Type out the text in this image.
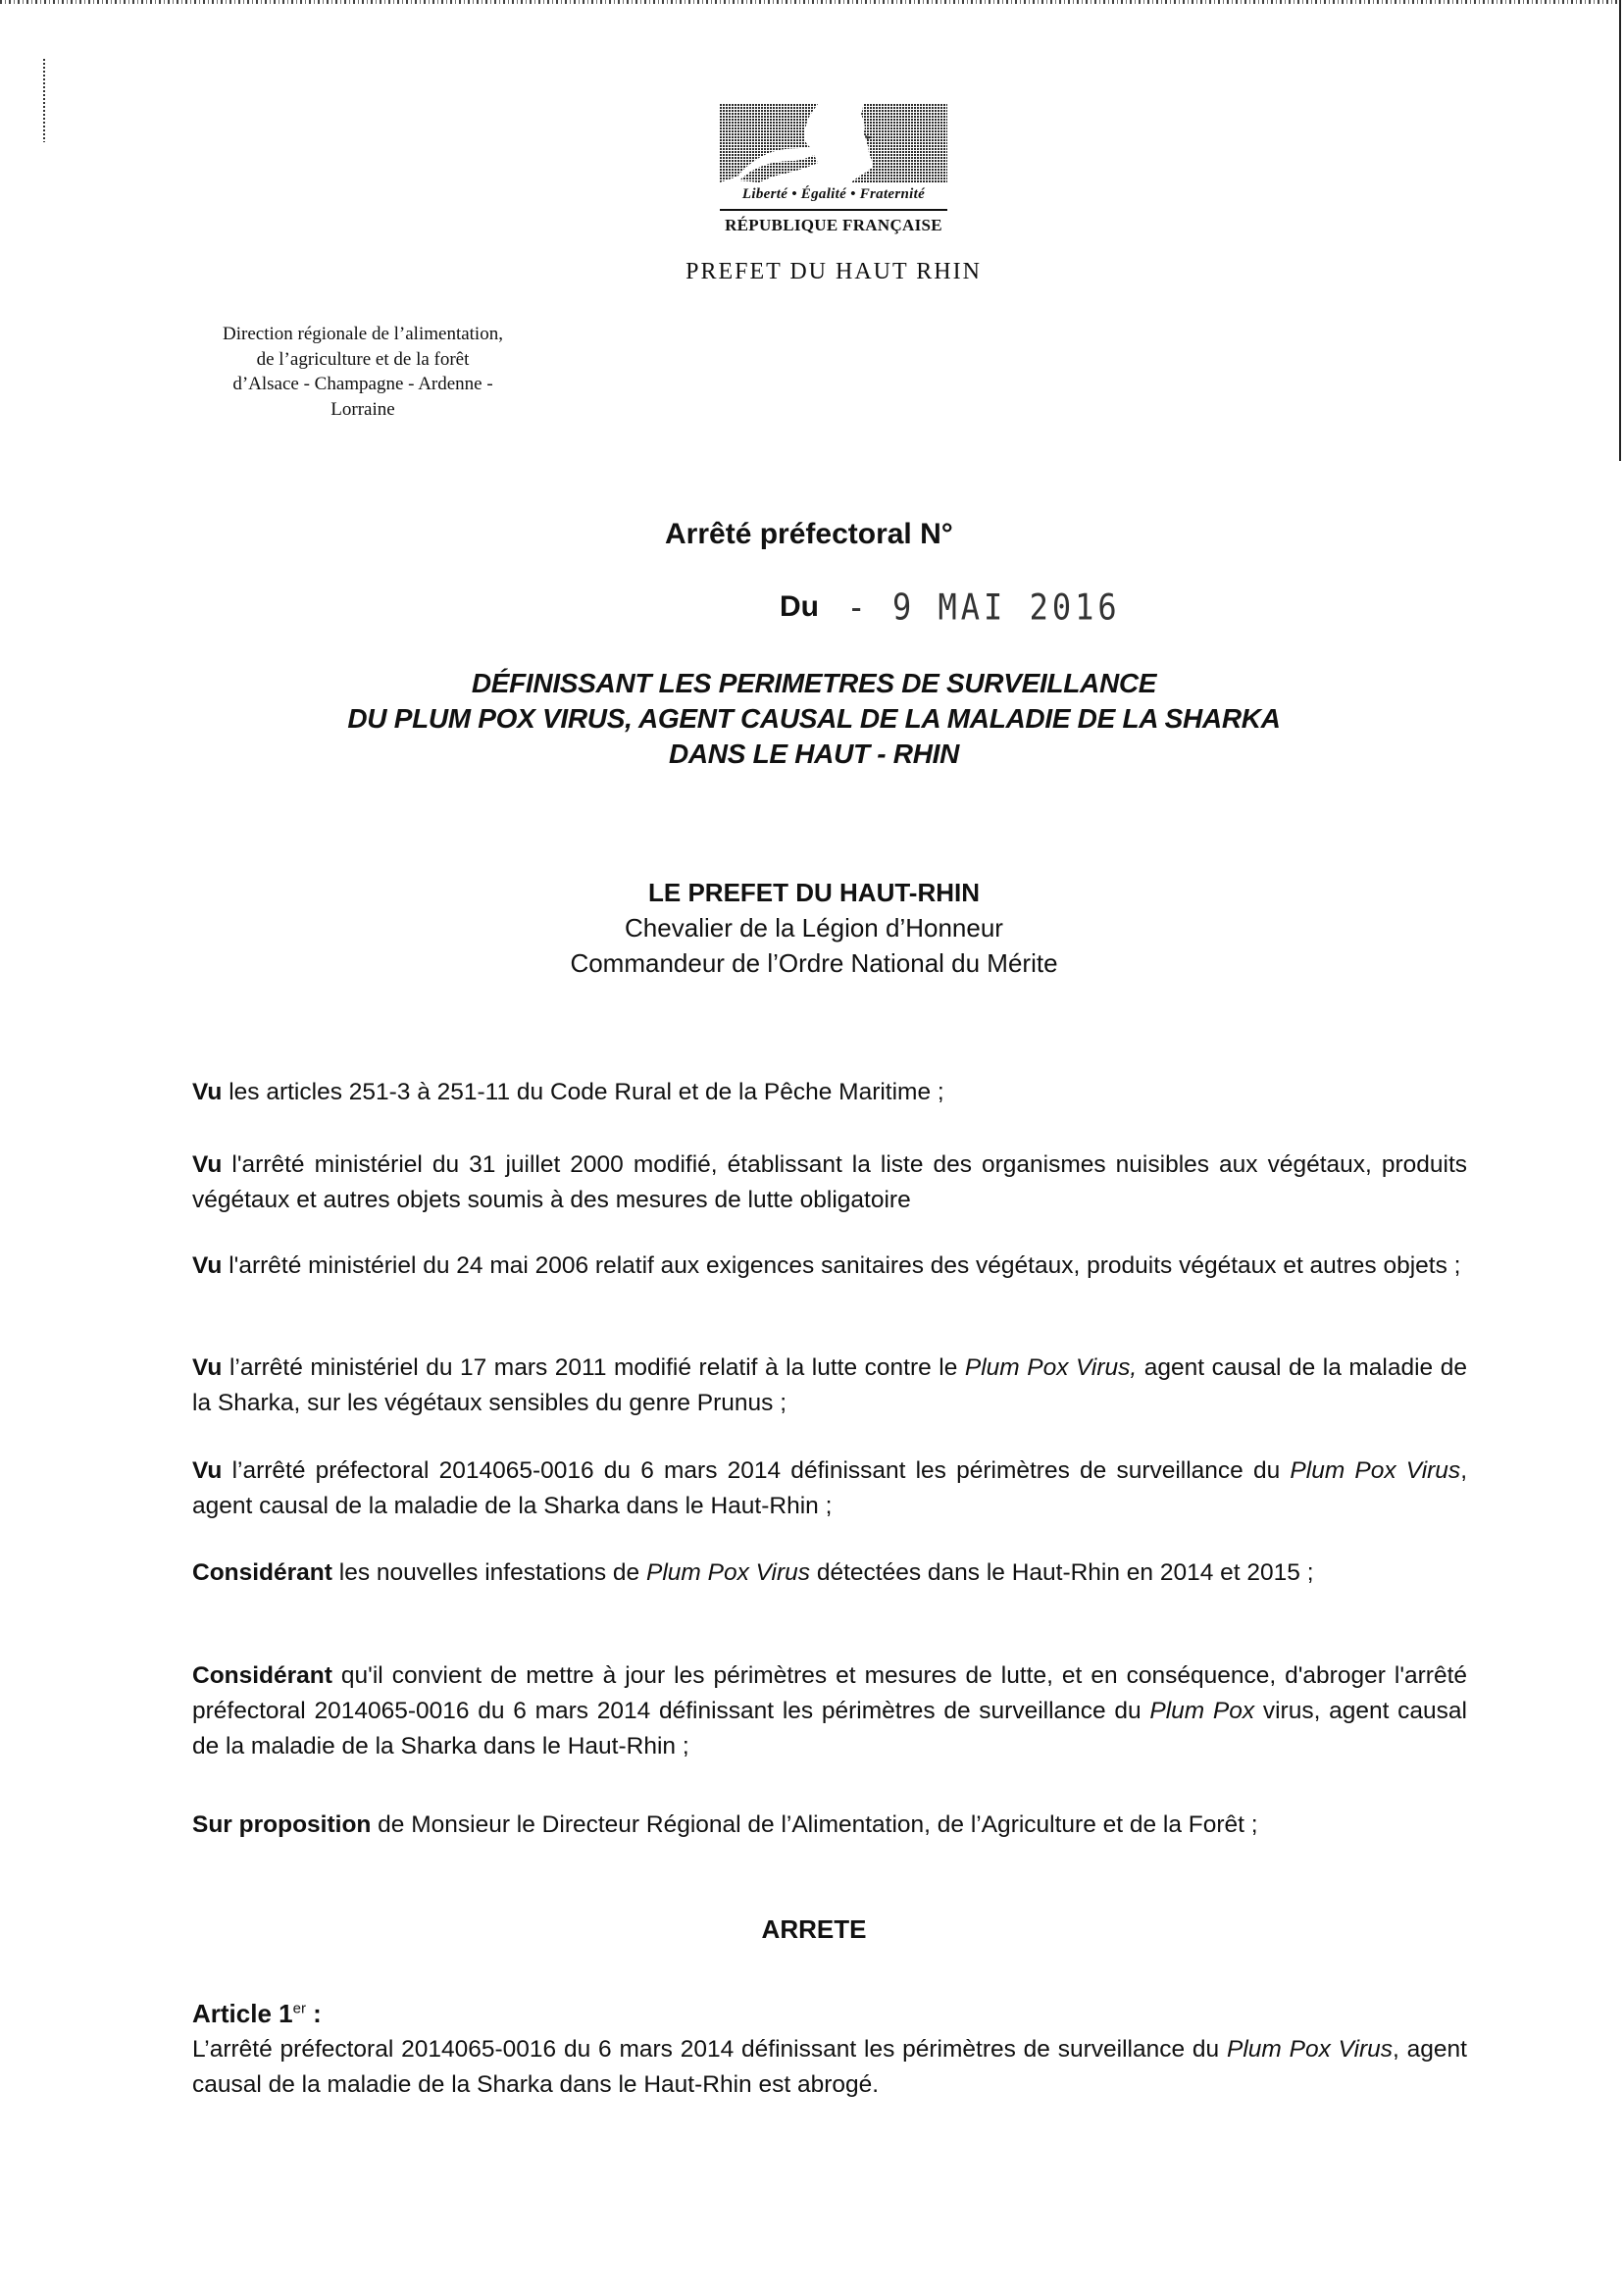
Liberté • Égalité • Fraternité
RÉPUBLIQUE FRANÇAISE
PREFET DU HAUT RHIN
Direction régionale de l’alimentation,
de l’agriculture et de la forêt
d’Alsace - Champagne - Ardenne -
Lorraine
Arrêté préfectoral N°
Du - 9 MAI 2016
DÉFINISSANT LES PERIMETRES DE SURVEILLANCE
DU PLUM POX VIRUS, AGENT CAUSAL DE LA MALADIE DE LA SHARKA
DANS LE HAUT - RHIN
LE PREFET DU HAUT-RHIN
Chevalier de la Légion d’Honneur
Commandeur de l’Ordre National du Mérite
Vu les articles 251-3 à 251-11 du Code Rural et de la Pêche Maritime ;
Vu l'arrêté ministériel du 31 juillet 2000 modifié, établissant la liste des organismes nuisibles aux végétaux, produits végétaux et autres objets soumis à des mesures de lutte obligatoire
Vu l'arrêté ministériel du 24 mai 2006 relatif aux exigences sanitaires des végétaux, produits végétaux et autres objets ;
Vu l’arrêté ministériel du 17 mars 2011 modifié relatif à la lutte contre le Plum Pox Virus, agent causal de la maladie de la Sharka, sur les végétaux sensibles du genre Prunus ;
Vu l’arrêté préfectoral 2014065-0016 du 6 mars 2014 définissant les périmètres de surveillance du Plum Pox Virus, agent causal de la maladie de la Sharka dans le Haut-Rhin ;
Considérant les nouvelles infestations de Plum Pox Virus détectées dans le Haut-Rhin en 2014 et 2015 ;
Considérant qu'il convient de mettre à jour les périmètres et mesures de lutte, et en conséquence, d'abroger l'arrêté préfectoral 2014065-0016 du 6 mars 2014 définissant les périmètres de surveillance du Plum Pox virus, agent causal de la maladie de la Sharka dans le Haut-Rhin ;
Sur proposition de Monsieur le Directeur Régional de l’Alimentation, de l’Agriculture et de la Forêt ;
ARRETE
Article 1er :
L’arrêté préfectoral 2014065-0016 du 6 mars 2014 définissant les périmètres de surveillance du Plum Pox Virus, agent causal de la maladie de la Sharka dans le Haut-Rhin est abrogé.
